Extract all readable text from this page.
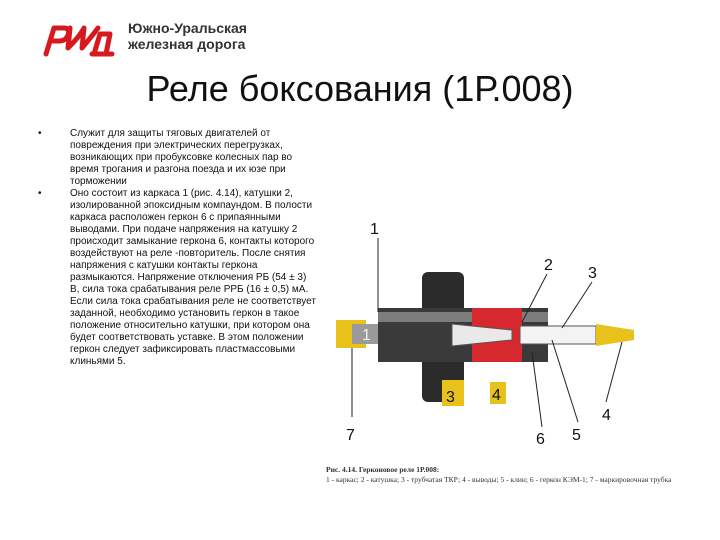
Южно-Уральская
железная дорога
Реле боксования (1Р.008)
•	Служит для защиты тяговых двигателей от повреждения при электрических перегрузках, возникающих при пробуксовке колесных пар во время трогания и разгона поезда и их юзе при торможении
•	Оно состоит из каркаса 1 (рис. 4.14), катушки 2, изолированной эпоксидным компаундом. В полости каркаса расположен геркон 6 с припаянными выводами. При подаче напряжения на катушку 2 происходит замыкание геркона 6, контакты которого воздействуют на реле -повторитель. После снятия напряжения с катушки контакты геркона размыкаются. Напряжение отключения РБ (54 ± 3) В, сила тока срабатывания реле РРБ (16 ± 0,5) мА. Если сила тока срабатывания реле не соответствует заданной, необходимо установить геркон в такое положение относительно катушки, при котором она будет соответствовать уставке. В этом положении геркон следует зафиксировать пластмассовыми клиньями 5.
1
2 3
4
5
6
7
1
3 4
Рис. 4.14. Герконовое реле 1Р.008:
1 - каркас; 2 - катушка; 3 - трубчатая ТКР; 4 - выводы; 5 - клин; 6 - геркон КЭМ-1; 7 - маркировочная трубка
